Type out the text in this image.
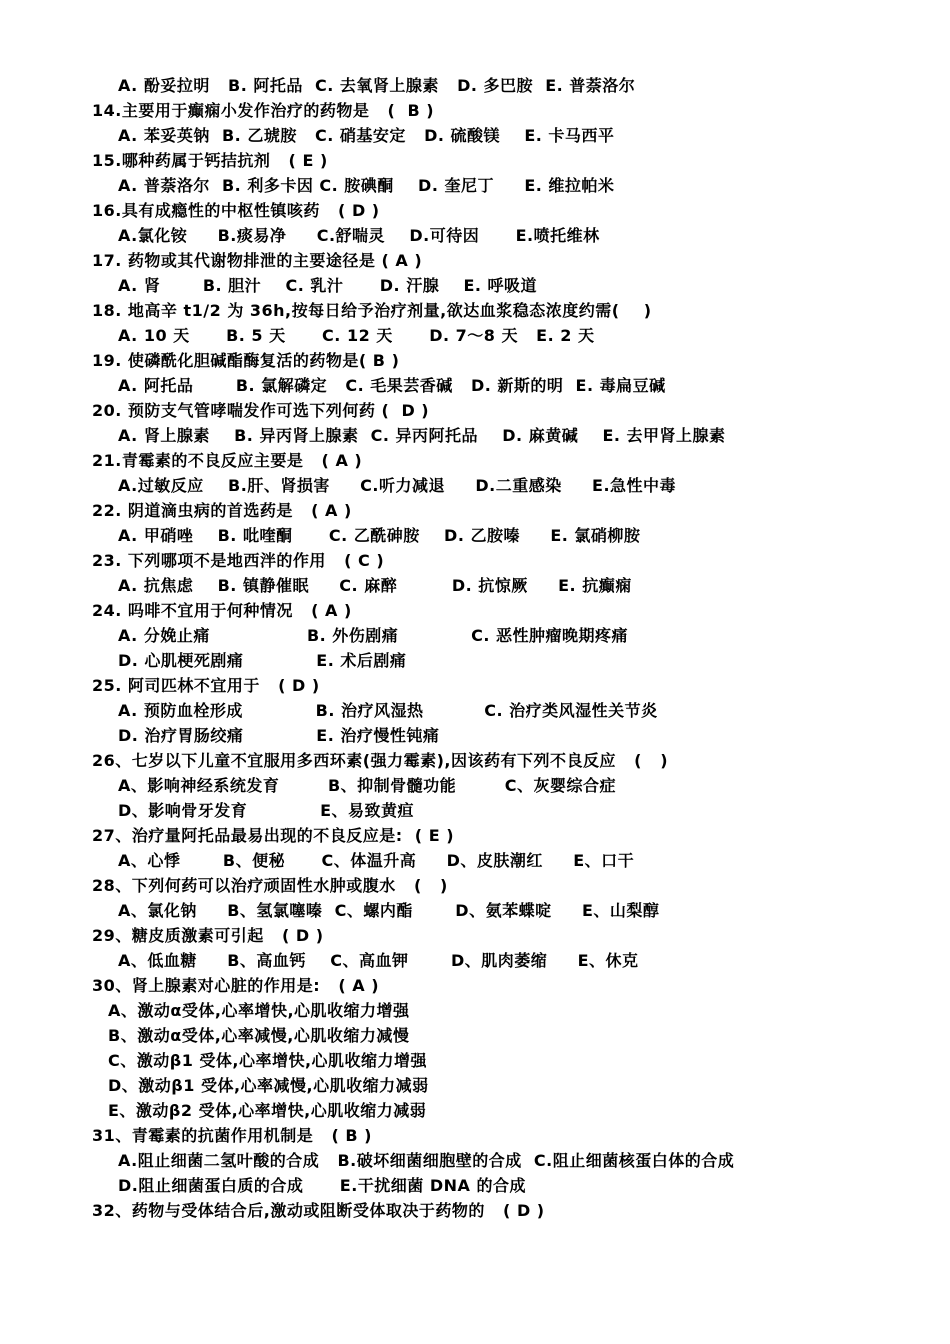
A. 酚妥拉明   B. 阿托品  C. 去氧肾上腺素   D. 多巴胺  E. 普萘洛尔
14.主要用于癫痫小发作治疗的药物是   (  B )
A. 苯妥英钠  B. 乙琥胺   C. 硝基安定   D. 硫酸镁    E. 卡马西平
15.哪种药属于钙拮抗剂   ( E )
A. 普萘洛尔  B. 利多卡因 C. 胺碘酮    D. 奎尼丁     E. 维拉帕米
16.具有成瘾性的中枢性镇咳药   ( D )
A.氯化铵     B.痰易净     C.舒喘灵    D.可待因      E.喷托维林
17. 药物或其代谢物排泄的主要途径是 ( A )
A. 肾       B. 胆汁    C. 乳汁      D. 汗腺    E. 呼吸道
18. 地高辛 t1/2 为 36h,按每日给予治疗剂量,欲达血浆稳态浓度约需(    )
A. 10 天      B. 5 天      C. 12 天      D. 7～8 天   E. 2 天
19. 使磷酰化胆碱酯酶复活的药物是( B )
A. 阿托品       B. 氯解磷定   C. 毛果芸香碱   D. 新斯的明  E. 毒扁豆碱
20. 预防支气管哮喘发作可选下列何药 (  D )
A. 肾上腺素    B. 异丙肾上腺素  C. 异丙阿托品    D. 麻黄碱    E. 去甲肾上腺素
21.青霉素的不良反应主要是   ( A )
A.过敏反应    B.肝、肾损害     C.听力减退     D.二重感染     E.急性中毒
22. 阴道滴虫病的首选药是   ( A )
A. 甲硝唑    B. 吡喹酮      C. 乙酰砷胺    D. 乙胺嗪     E. 氯硝柳胺
23. 下列哪项不是地西泮的作用   ( C )
A. 抗焦虑    B. 镇静催眠     C. 麻醉         D. 抗惊厥     E. 抗癫痫
24. 吗啡不宜用于何种情况   ( A )
A. 分娩止痛                B. 外伤剧痛            C. 恶性肿瘤晚期疼痛
D. 心肌梗死剧痛            E. 术后剧痛
25. 阿司匹林不宜用于   ( D )
A. 预防血栓形成            B. 治疗风湿热          C. 治疗类风湿性关节炎
D. 治疗胃肠绞痛            E. 治疗慢性钝痛
26、七岁以下儿童不宜服用多西环素(强力霉素),因该药有下列不良反应   (   )
A、影响神经系统发育        B、抑制骨髓功能        C、灰婴综合症
D、影响骨牙发育            E、易致黄疸
27、治疗量阿托品最易出现的不良反应是:  ( E )
A、心悸       B、便秘      C、体温升高     D、皮肤潮红     E、口干
28、下列何药可以治疗顽固性水肿或腹水   (   )
A、氯化钠     B、氢氯噻嗪  C、螺内酯       D、氨苯蝶啶     E、山梨醇
29、糖皮质激素可引起   ( D )
A、低血糖     B、高血钙    C、高血钾       D、肌肉萎缩     E、休克
30、肾上腺素对心脏的作用是:   ( A )
A、激动α受体,心率增快,心肌收缩力增强
B、激动α受体,心率减慢,心肌收缩力减慢
C、激动β1 受体,心率增快,心肌收缩力增强
D、激动β1 受体,心率减慢,心肌收缩力减弱
E、激动β2 受体,心率增快,心肌收缩力减弱
31、青霉素的抗菌作用机制是   ( B )
A.阻止细菌二氢叶酸的合成   B.破坏细菌细胞壁的合成  C.阻止细菌核蛋白体的合成
D.阻止细菌蛋白质的合成      E.干扰细菌 DNA 的合成
32、药物与受体结合后,激动或阻断受体取决于药物的   ( D )
